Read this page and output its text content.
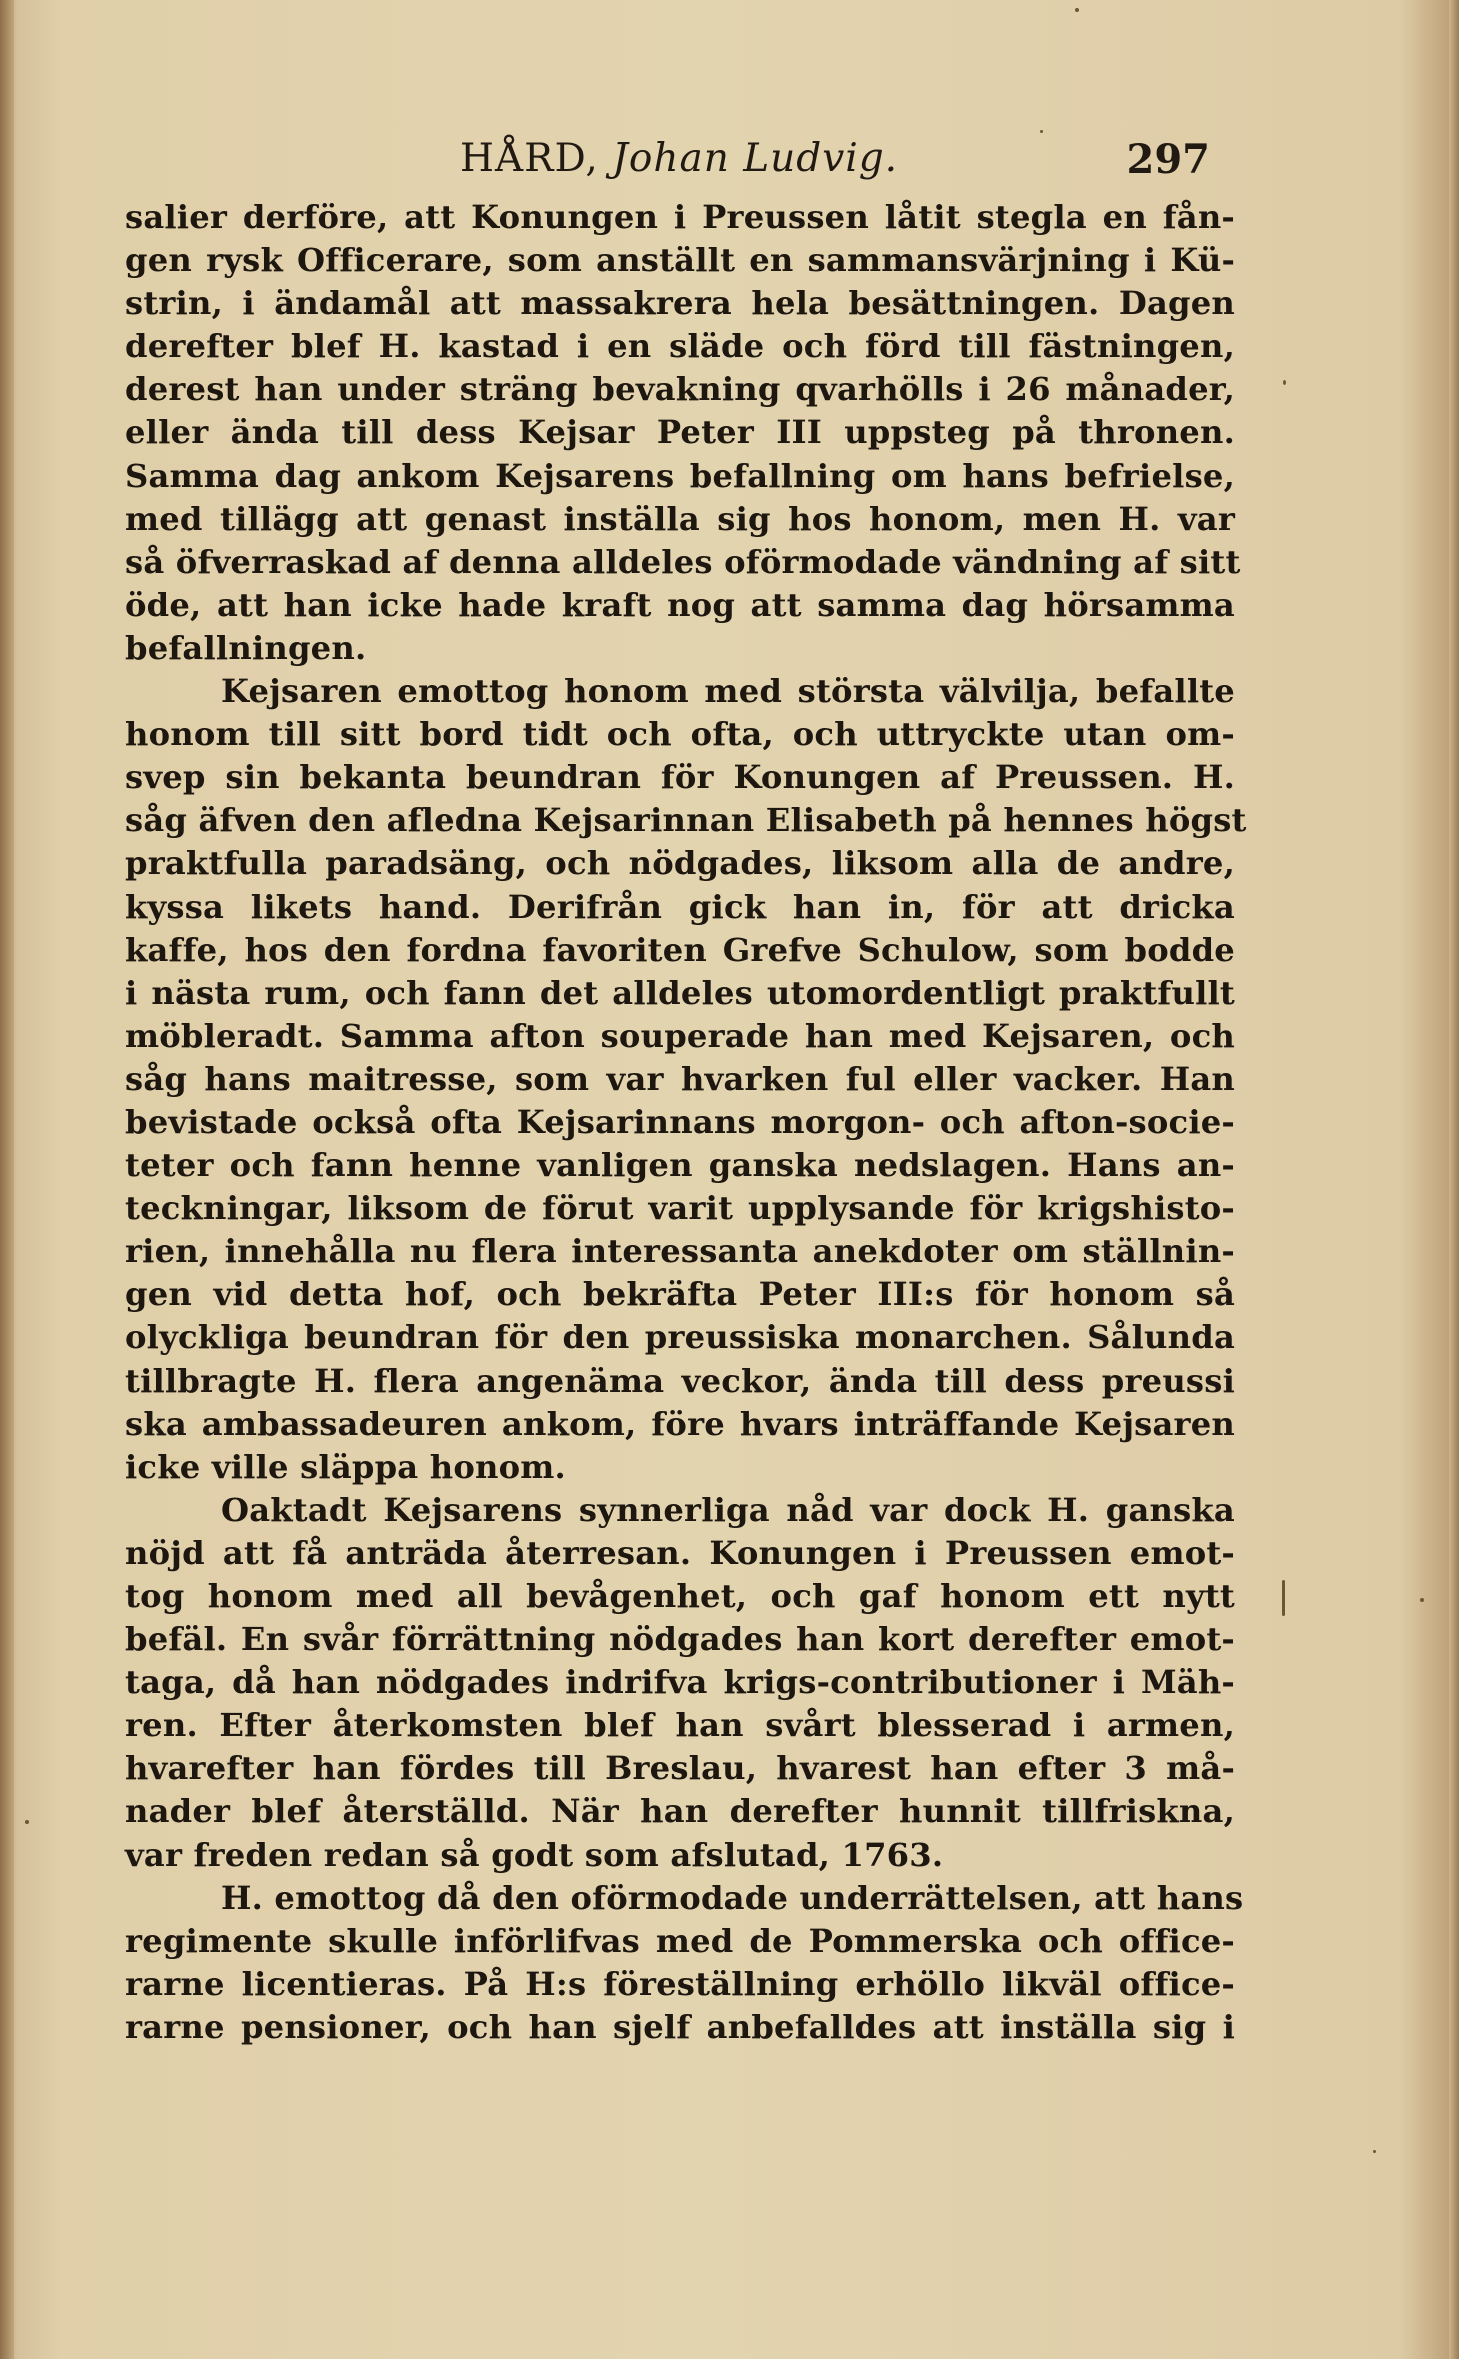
HÅRD, Johan Ludvig.	297
salier derföre, att Konungen i Preussen låtit stegla en fån-
gen rysk Officerare, som anställt en sammansvärjning i Kü-
strin, i ändamål att massakrera hela besättningen. Dagen
derefter blef H. kastad i en släde och förd till fästningen,
derest han under sträng bevakning qvarhölls i 26 månader,
eller ända till dess Kejsar Peter III uppsteg på thronen.
Samma dag ankom Kejsarens befallning om hans befrielse,
med tillägg att genast inställa sig hos honom, men H. var
så öfverraskad af denna alldeles oförmodade vändning af sitt
öde, att han icke hade kraft nog att samma dag hörsamma
befallningen.
Kejsaren emottog honom med största välvilja, befallte
honom till sitt bord tidt och ofta, och uttryckte utan om-
svep sin bekanta beundran för Konungen af Preussen. H.
såg äfven den afledna Kejsarinnan Elisabeth på hennes högst
praktfulla paradsäng, och nödgades, liksom alla de andre,
kyssa likets hand. Derifrån gick han in, för att dricka
kaffe, hos den fordna favoriten Grefve Schulow, som bodde
i nästa rum, och fann det alldeles utomordentligt praktfullt
möbleradt. Samma afton souperade han med Kejsaren, och
såg hans maitresse, som var hvarken ful eller vacker. Han
bevistade också ofta Kejsarinnans morgon- och afton-socie-
teter och fann henne vanligen ganska nedslagen. Hans an-
teckningar, liksom de förut varit upplysande för krigshisto-
rien, innehålla nu flera interessanta anekdoter om ställnin-
gen vid detta hof, och bekräfta Peter III:s för honom så
olyckliga beundran för den preussiska monarchen. Sålunda
tillbragte H. flera angenäma veckor, ända till dess preussi
ska ambassadeuren ankom, före hvars inträffande Kejsaren
icke ville släppa honom.
Oaktadt Kejsarens synnerliga nåd var dock H. ganska
nöjd att få anträda återresan. Konungen i Preussen emot-
tog honom med all bevågenhet, och gaf honom ett nytt
befäl. En svår förrättning nödgades han kort derefter emot-
taga, då han nödgades indrifva krigs-contributioner i Mäh-
ren. Efter återkomsten blef han svårt blesserad i armen,
hvarefter han fördes till Breslau, hvarest han efter 3 må-
nader blef återställd. När han derefter hunnit tillfriskna,
var freden redan så godt som afslutad, 1763.
H. emottog då den oförmodade underrättelsen, att hans
regimente skulle införlifvas med de Pommerska och office-
rarne licentieras. På H:s föreställning erhöllo likväl office-
rarne pensioner, och han sjelf anbefalldes att inställa sig i
